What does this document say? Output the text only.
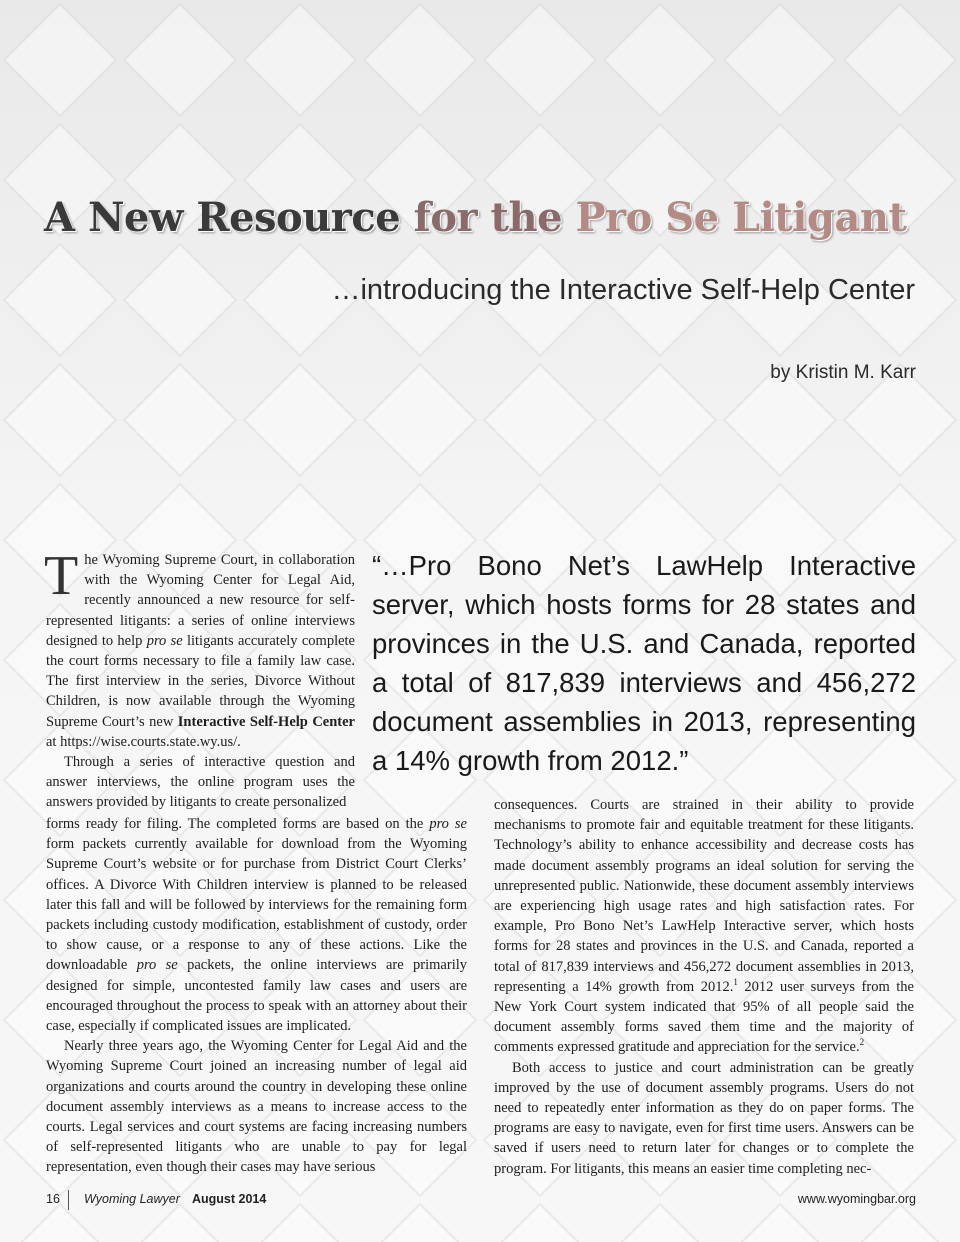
A New Resource for the Pro Se Litigant
…introducing the Interactive Self-Help Center
by Kristin M. Karr

The Wyoming Supreme Court, in collaboration with the Wyoming Center for Legal Aid, recently announced a new resource for self-represented litigants: a series of online interviews designed to help pro se litigants accurately complete the court forms necessary to file a family law case. The first interview in the series, Divorce Without Children, is now available through the Wyoming Supreme Court’s new Interactive Self-Help Center at https://wise.courts.state.wy.us/.

Through a series of interactive question and answer interviews, the online program uses the answers provided by litigants to create personalized

“…Pro Bono Net’s LawHelp Interactive server, which hosts forms for 28 states and provinces in the U.S. and Canada, reported a total of 817,839 interviews and 456,272 document assemblies in 2013, representing a 14% growth from 2012.”

forms ready for filing. The completed forms are based on the pro se form packets currently available for download from the Wyoming Supreme Court’s website or for purchase from District Court Clerks’ offices. A Divorce With Children interview is planned to be released later this fall and will be followed by interviews for the remaining form packets including custody modification, establishment of custody, order to show cause, or a response to any of these actions. Like the downloadable pro se packets, the online interviews are primarily designed for simple, uncontested family law cases and users are encouraged throughout the process to speak with an attorney about their case, especially if complicated issues are implicated.

Nearly three years ago, the Wyoming Center for Legal Aid and the Wyoming Supreme Court joined an increasing number of legal aid organizations and courts around the country in developing these online document assembly interviews as a means to increase access to the courts. Legal services and court systems are facing increasing numbers of self-represented litigants who are unable to pay for legal representation, even though their cases may have serious

consequences. Courts are strained in their ability to provide mechanisms to promote fair and equitable treatment for these litigants. Technology’s ability to enhance accessibility and decrease costs has made document assembly programs an ideal solution for serving the unrepresented public. Nationwide, these document assembly interviews are experiencing high usage rates and high satisfaction rates. For example, Pro Bono Net’s LawHelp Interactive server, which hosts forms for 28 states and provinces in the U.S. and Canada, reported a total of 817,839 interviews and 456,272 document assemblies in 2013, representing a 14% growth from 2012.$^1$ 2012 user surveys from the New York Court system indicated that 95% of all people said the document assembly forms saved them time and the majority of comments expressed gratitude and appreciation for the service.$^2$

Both access to justice and court administration can be greatly improved by the use of document assembly programs. Users do not need to repeatedly enter information as they do on paper forms. The programs are easy to navigate, even for first time users. Answers can be saved if users need to return later for changes or to complete the program. For litigants, this means an easier time completing nec-

16 Wyoming Lawyer August 2014	www.wyomingbar.org
